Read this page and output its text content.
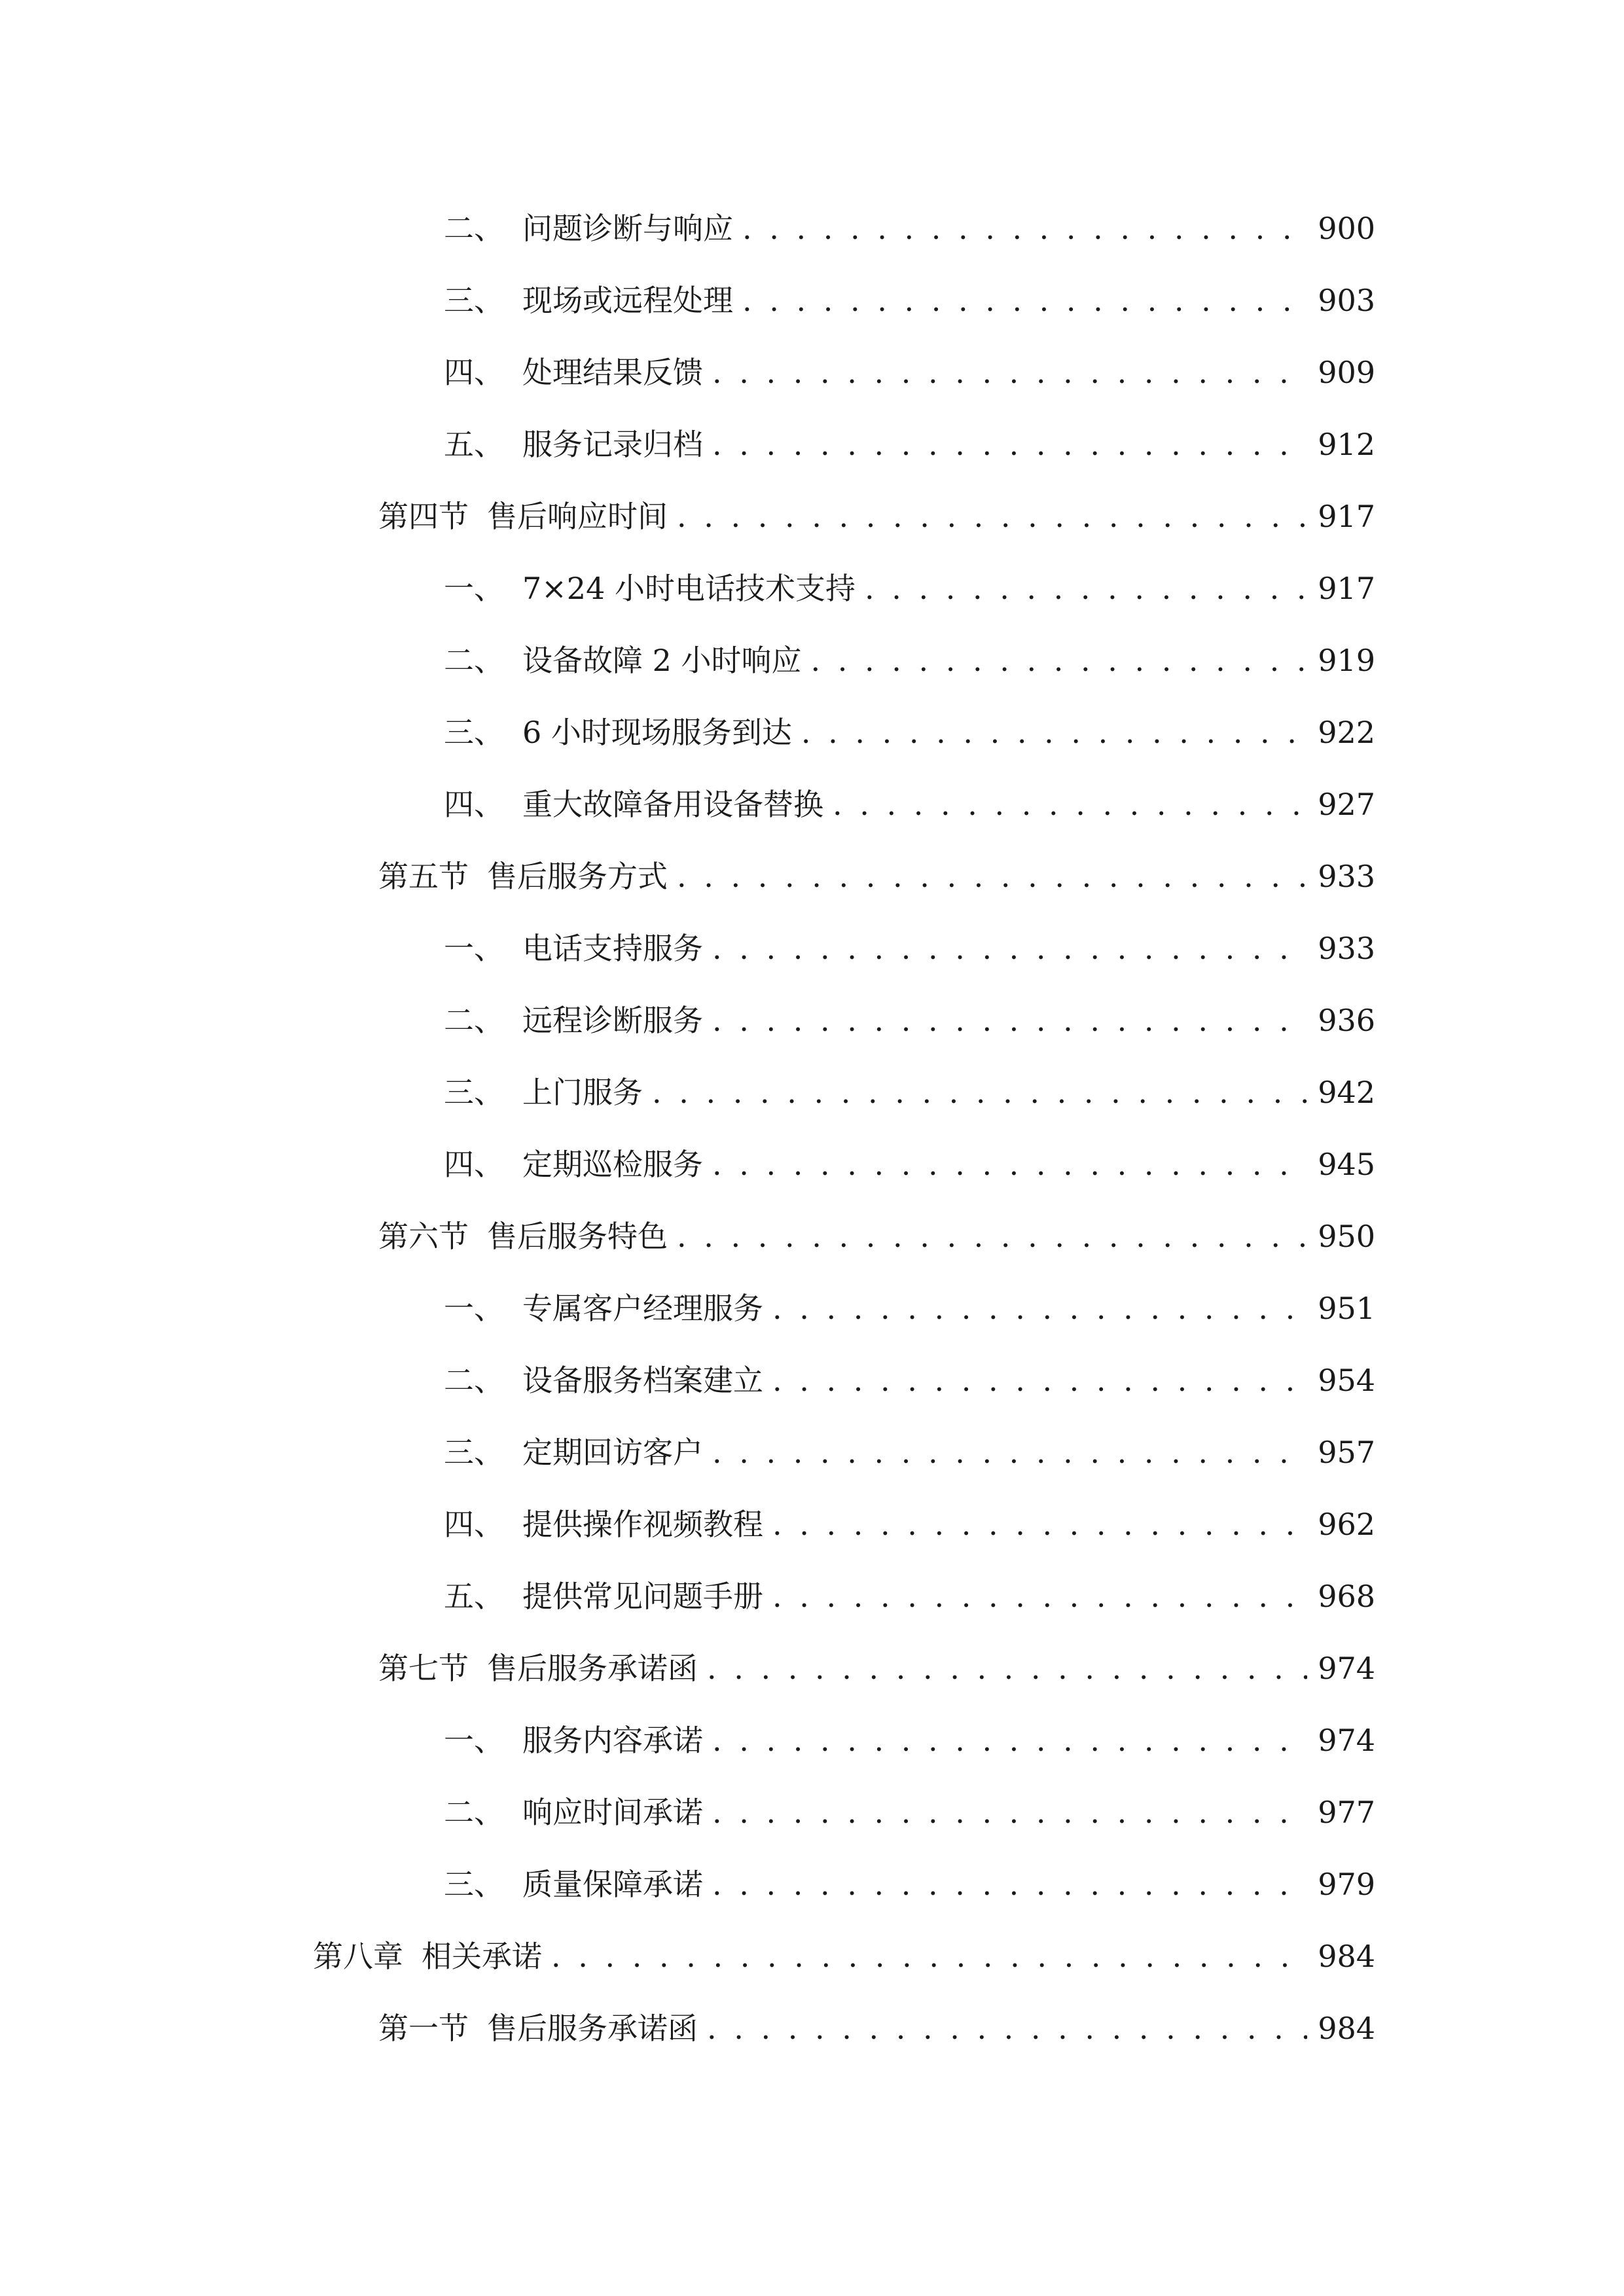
二、 问题诊断与响应 . . .	900
三、 现场或远程处理 . . .	903
四、 处理结果反馈 . . .	909
五、 服务记录归档 . . .	912
第四节 售后响应时间 . . .	917
一、 7×24 小时电话技术支持 . . .	917
二、 设备故障 2 小时响应 . . .	919
三、 6 小时现场服务到达 . . .	922
四、 重大故障备用设备替换 . . .	927
第五节 售后服务方式 . . .	933
一、 电话支持服务 . . .	933
二、 远程诊断服务 . . .	936
三、 上门服务 . . .	942
四、 定期巡检服务 . . .	945
第六节 售后服务特色 . . .	950
一、 专属客户经理服务 . . .	951
二、 设备服务档案建立 . . .	954
三、 定期回访客户 . . .	957
四、 提供操作视频教程 . . .	962
五、 提供常见问题手册 . . .	968
第七节 售后服务承诺函 . . .	974
一、 服务内容承诺 . . .	974
二、 响应时间承诺 . . .	977
三、 质量保障承诺 . . .	979
第八章 相关承诺 . . .	984
第一节 售后服务承诺函 . . .	984
